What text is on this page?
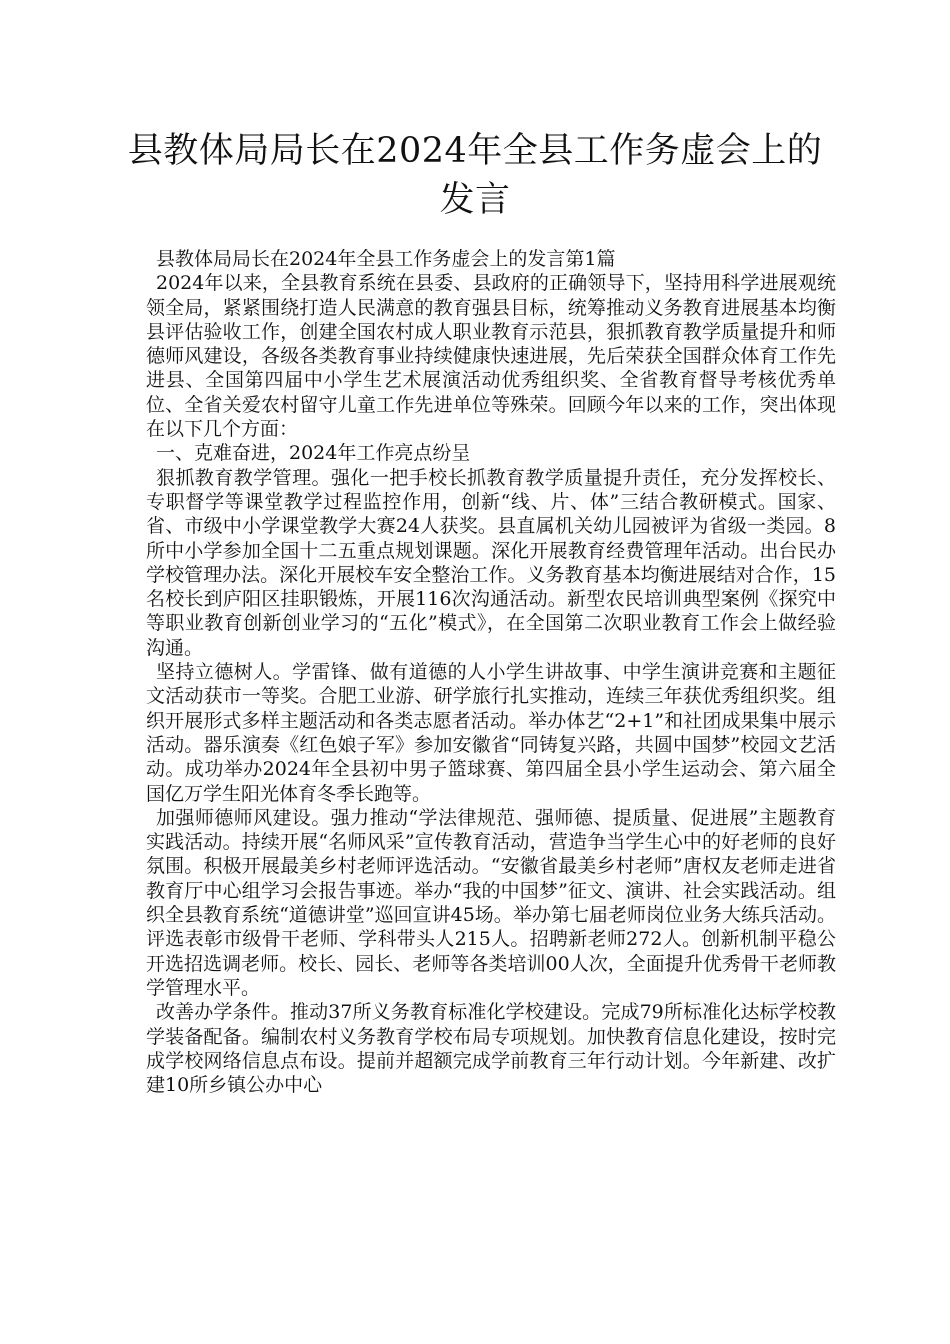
县教体局局长在2024年全县工作务虚会上的发言

县教体局局长在2024年全县工作务虚会上的发言第1篇

2024年以来，全县教育系统在县委、县政府的正确领导下，坚持用科学进展观统领全局，紧紧围绕打造人民满意的教育强县目标，统筹推动义务教育进展基本均衡县评估验收工作，创建全国农村成人职业教育示范县，狠抓教育教学质量提升和师德师风建设，各级各类教育事业持续健康快速进展，先后荣获全国群众体育工作先进县、全国第四届中小学生艺术展演活动优秀组织奖、全省教育督导考核优秀单位、全省关爱农村留守儿童工作先进单位等殊荣。回顾今年以来的工作，突出体现在以下几个方面：

一、克难奋进，2024年工作亮点纷呈

狠抓教育教学管理。强化一把手校长抓教育教学质量提升责任，充分发挥校长、专职督学等课堂教学过程监控作用，创新“线、片、体”三结合教研模式。国家、省、市级中小学课堂教学大赛24人获奖。县直属机关幼儿园被评为省级一类园。8所中小学参加全国十二五重点规划课题。深化开展教育经费管理年活动。出台民办学校管理办法。深化开展校车安全整治工作。义务教育基本均衡进展结对合作，15名校长到庐阳区挂职锻炼，开展116次沟通活动。新型农民培训典型案例《探究中等职业教育创新创业学习的“五化”模式》，在全国第二次职业教育工作会上做经验沟通。

坚持立德树人。学雷锋、做有道德的人小学生讲故事、中学生演讲竞赛和主题征文活动获市一等奖。合肥工业游、研学旅行扎实推动，连续三年获优秀组织奖。组织开展形式多样主题活动和各类志愿者活动。举办体艺“2+1”和社团成果集中展示活动。器乐演奏《红色娘子军》参加安徽省“同铸复兴路，共圆中国梦”校园文艺活动。成功举办2024年全县初中男子篮球赛、第四届全县小学生运动会、第六届全国亿万学生阳光体育冬季长跑等。

加强师德师风建设。强力推动“学法律规范、强师德、提质量、促进展”主题教育实践活动。持续开展“名师风采”宣传教育活动，营造争当学生心中的好老师的良好氛围。积极开展最美乡村老师评选活动。“安徽省最美乡村老师”唐权友老师走进省教育厅中心组学习会报告事迹。举办“我的中国梦”征文、演讲、社会实践活动。组织全县教育系统“道德讲堂”巡回宣讲45场。举办第七届老师岗位业务大练兵活动。评选表彰市级骨干老师、学科带头人215人。招聘新老师272人。创新机制平稳公开选招选调老师。校长、园长、老师等各类培训00人次，全面提升优秀骨干老师教学管理水平。

改善办学条件。推动37所义务教育标准化学校建设。完成79所标准化达标学校教学装备配备。编制农村义务教育学校布局专项规划。加快教育信息化建设，按时完成学校网络信息点布设。提前并超额完成学前教育三年行动计划。今年新建、改扩建10所乡镇公办中心
